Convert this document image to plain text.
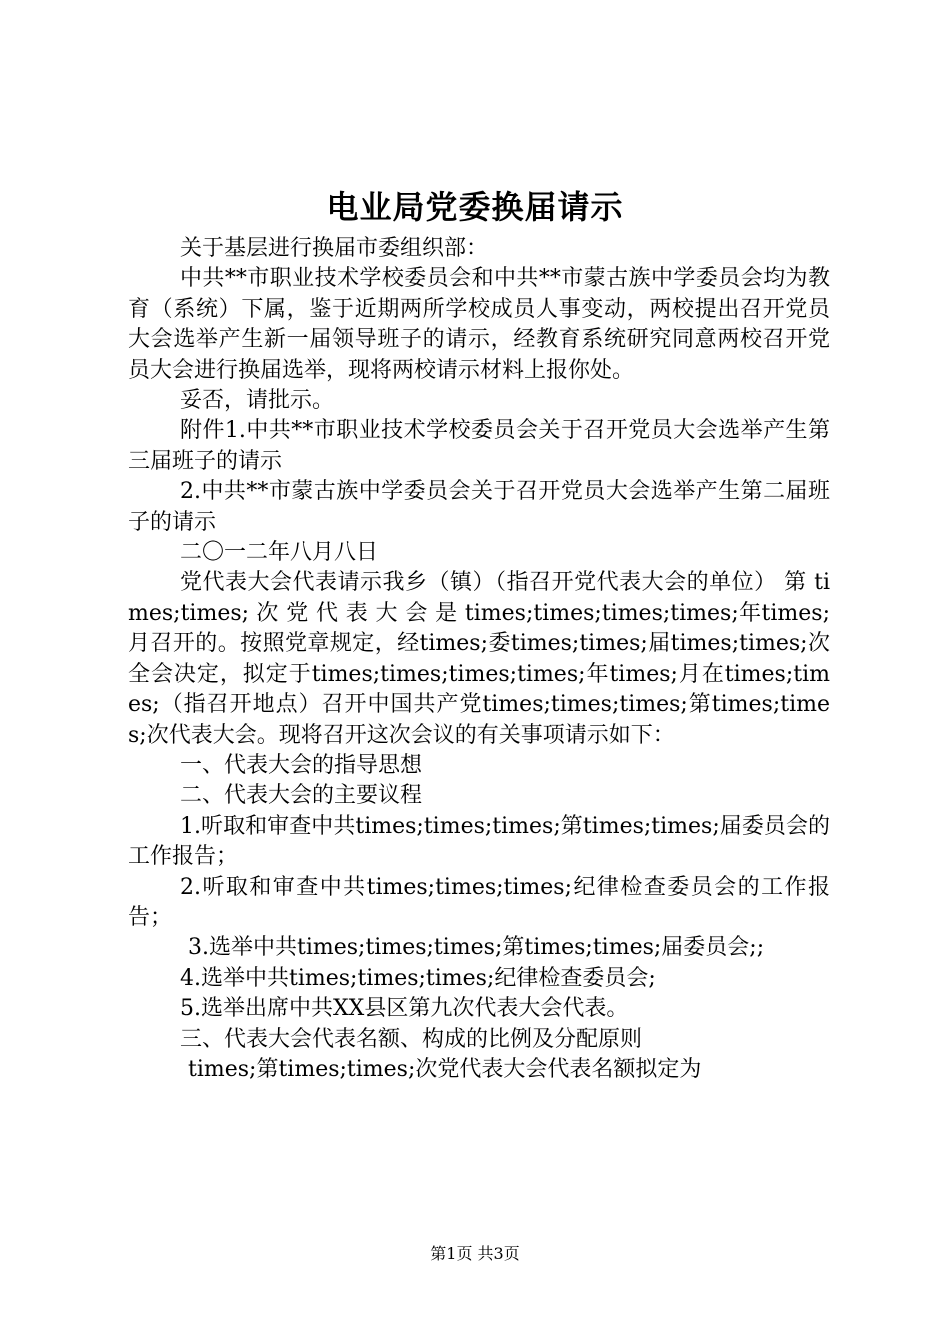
电业局党委换届请示

关于基层进行换届市委组织部：

中共**市职业技术学校委员会和中共**市蒙古族中学委员会均为教育（系统）下属，鉴于近期两所学校成员人事变动，两校提出召开党员大会选举产生新一届领导班子的请示，经教育系统研究同意两校召开党员大会进行换届选举，现将两校请示材料上报你处。

妥否，请批示。

附件1.中共**市职业技术学校委员会关于召开党员大会选举产生第三届班子的请示

2.中共**市蒙古族中学委员会关于召开党员大会选举产生第二届班子的请示

二〇一二年八月八日

党代表大会代表请示我乡（镇）（指召开党代表大会的单位） 第 times;times; 次 党 代 表 大 会 是 times;times;times;times;年times;月召开的。按照党章规定，经times;委times;times;届times;times;次全会决定，拟定于times;times;times;times;年times;月在times;times;（指召开地点）召开中国共产党times;times;times;第times;times;次代表大会。现将召开这次会议的有关事项请示如下：

一、代表大会的指导思想

二、代表大会的主要议程

1.听取和审查中共times;times;times;第times;times;届委员会的工作报告；

2.听取和审查中共times;times;times;纪律检查委员会的工作报告；

3.选举中共times;times;times;第times;times;届委员会;;

4.选举中共times;times;times;纪律检查委员会;

5.选举出席中共XX县区第九次代表大会代表。

三、代表大会代表名额、构成的比例及分配原则

times;第times;times;次党代表大会代表名额拟定为

第1页 共3页
